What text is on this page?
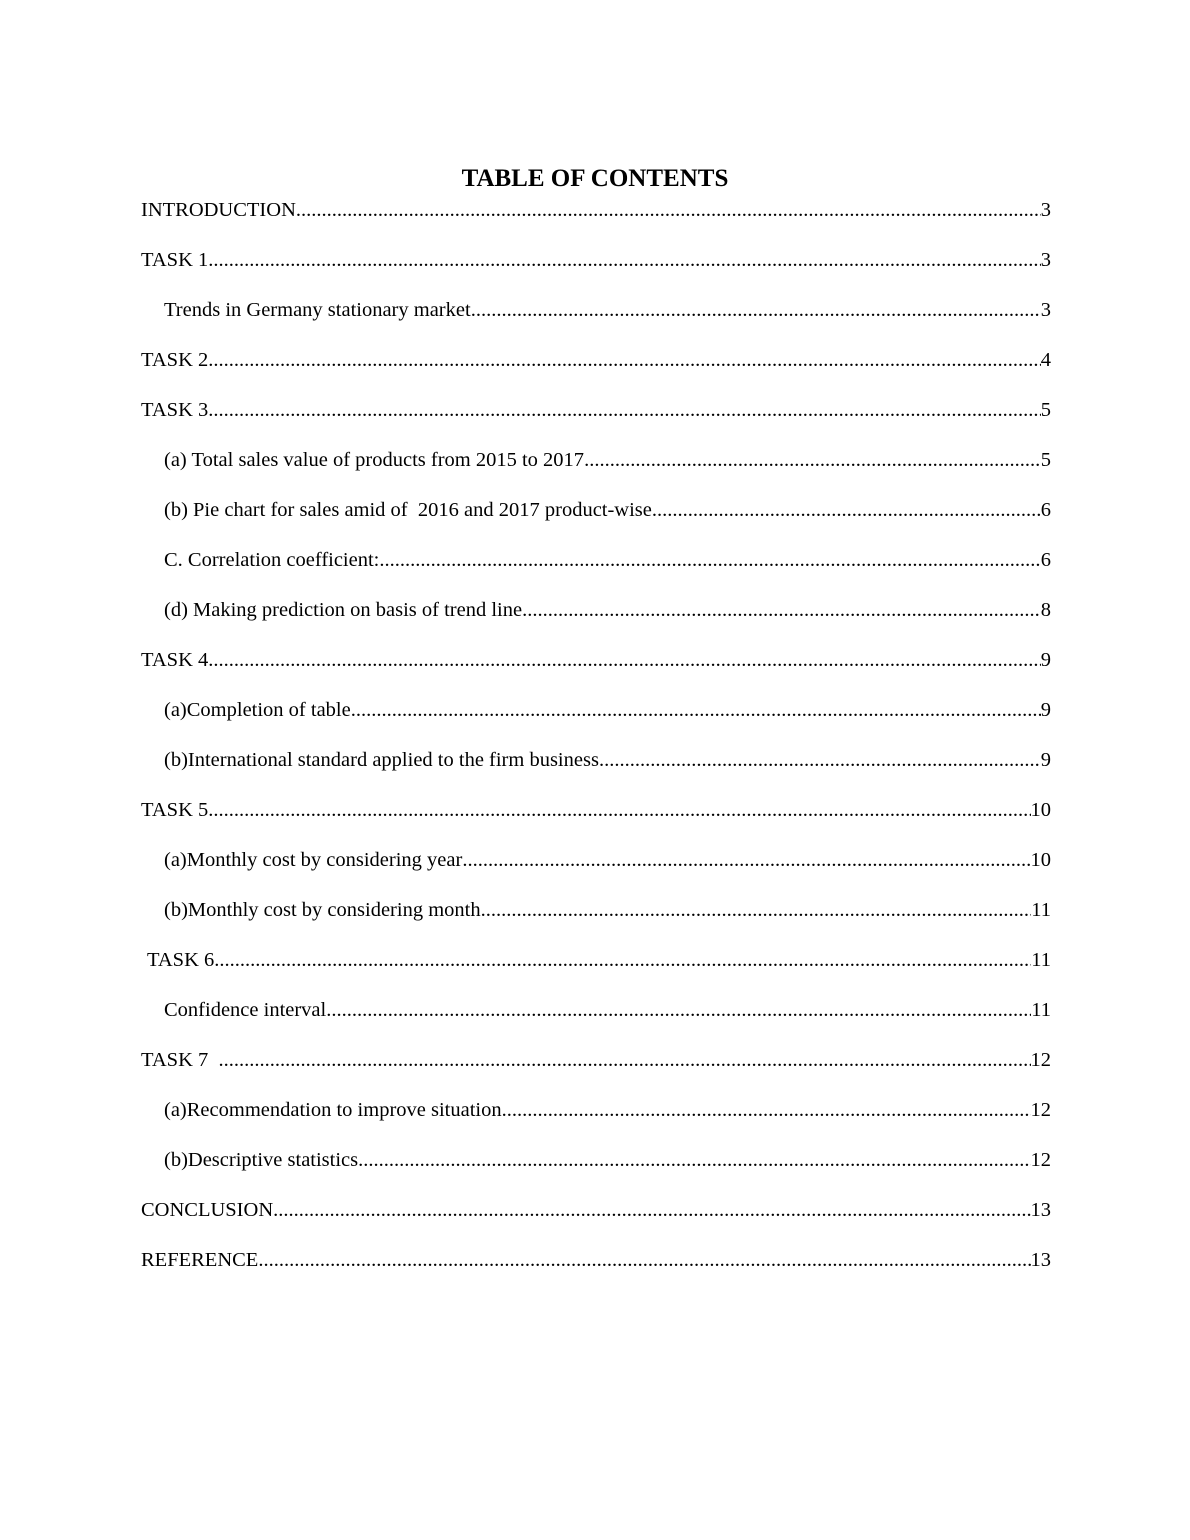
TABLE OF CONTENTS
INTRODUCTION .....	3
TASK 1 .....	3
Trends in Germany stationary market .....	3
TASK 2 .....	4
TASK 3 .....	5
(a) Total sales value of products from 2015 to 2017 .....	5
(b) Pie chart for sales amid of  2016 and 2017 product-wise .....	6
C. Correlation coefficient: .....	6
(d) Making prediction on basis of trend line .....	8
TASK 4 .....	9
(a)Completion of table .....	9
(b)International standard applied to the firm business .....	9
TASK 5 .....	10
(a)Monthly cost by considering year .....	10
(b)Monthly cost by considering month .....	11
TASK 6 .....	11
Confidence interval .....	11
TASK 7 .....	12
(a)Recommendation to improve situation .....	12
(b)Descriptive statistics .....	12
CONCLUSION .....	13
REFERENCE .....	13
